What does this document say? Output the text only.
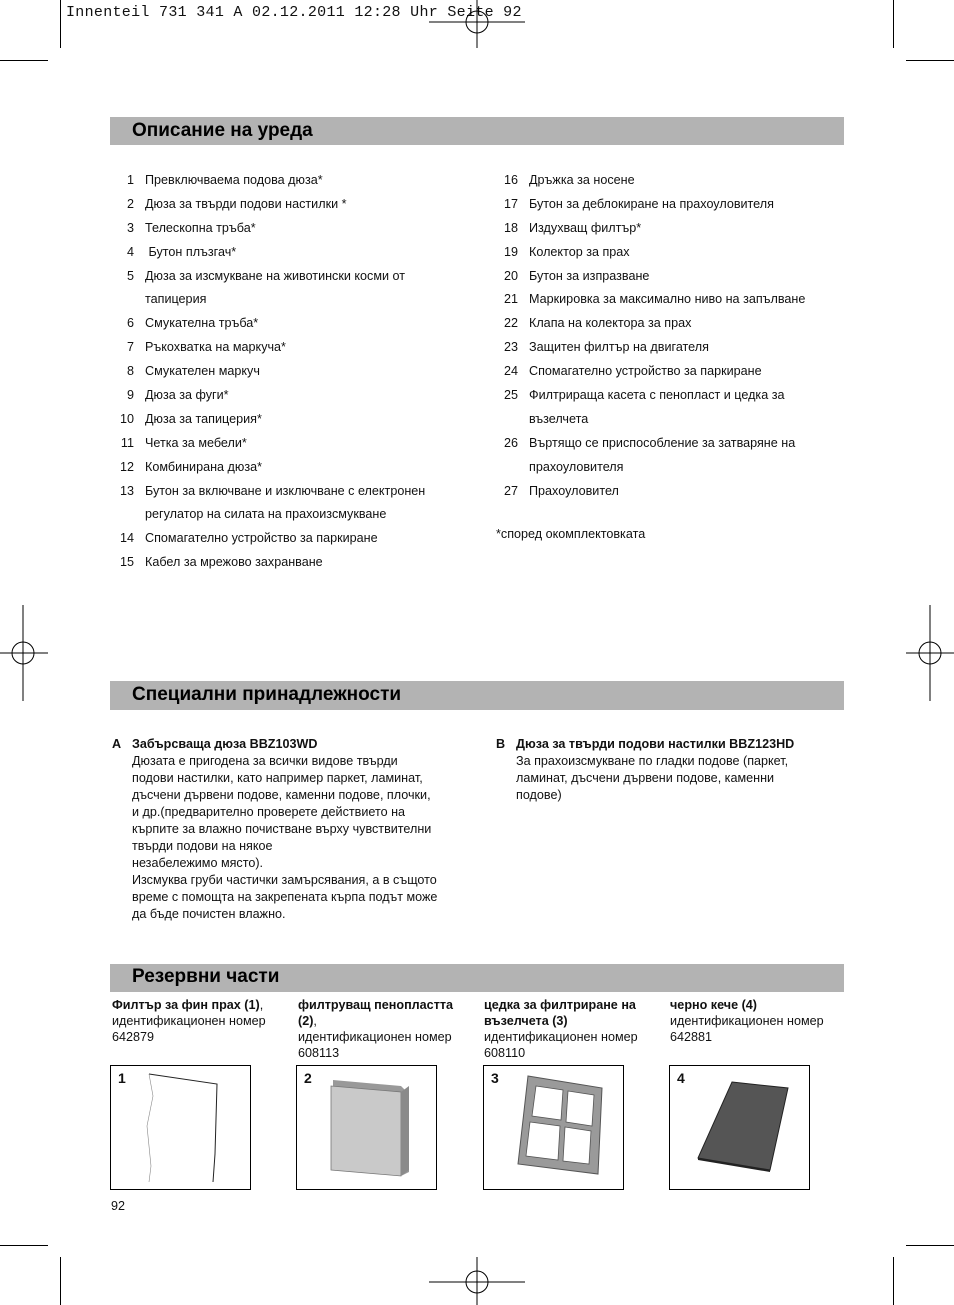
Innenteil 731 341 A 02.12.2011 12:28 Uhr Seite 92
Описание на уреда
1 Превключваема подова дюза*
2 Дюза за твърди подови настилки *
3 Телескопна тръба*
4 Бутон плъзгач*
5 Дюза за изсмукване на животински косми от
тапицерия
6 Смукателна тръба*
7 Ръкохватка на маркуча*
8 Смукателен маркуч
9 Дюза за фуги*
10 Дюза за тапицерия*
11 Четка за мебели*
12 Комбинирана дюза*
13 Бутон за включване и изключване с електронен
регулатор на силата на прахоизсмукване
14 Спомагателно устройство за паркиране
15 Кабел за мрежово захранване
16 Дръжка за носене
17 Бутон за деблокиране на прахоуловителя
18 Издухващ филтър*
19 Колектор за прах
20 Бутон за изпразване
21 Маркировка за максимално ниво на запълване
22 Клапа на колектора за прах
23 Защитен филтър на двигателя
24 Спомагателно устройство за паркиране
25 Филтрираща касета с пенопласт и цедка за
възелчета
26 Въртящо се приспособление за затваряне на
прахоуловителя
27 Прахоуловител
*според окомплектовката
Специални принадлежности
A Забърсваща дюза BBZ103WD
Дюзата е пригодена за всички видове твърди
подови настилки, като например паркет, ламинат,
дъсчени дървени подове, каменни подове, плочки,
и др.(предварително проверете действието на
кърпите за влажно почистване върху чувствителни
твърди подови на някое
незабележимо място).
Изсмуква груби частички замърсявания, а в същото
време с помощта на закрепената кърпа подът може
да бъде почистен влажно.
B Дюза за твърди подови настилки BBZ123HD
За прахоизсмукване по гладки подове (паркет,
ламинат, дъсчени дървени подове, каменни
подове)
Резервни части
Филтър за фин прах (1),
идентификационен номер
642879
филтруващ пенопластта
(2),
идентификационен номер
608113
цедка за филтриране на
възелчета (3)
идентификационен номер
608110
черно кече (4)
идентификационен номер
642881
1	2	3	4
92
